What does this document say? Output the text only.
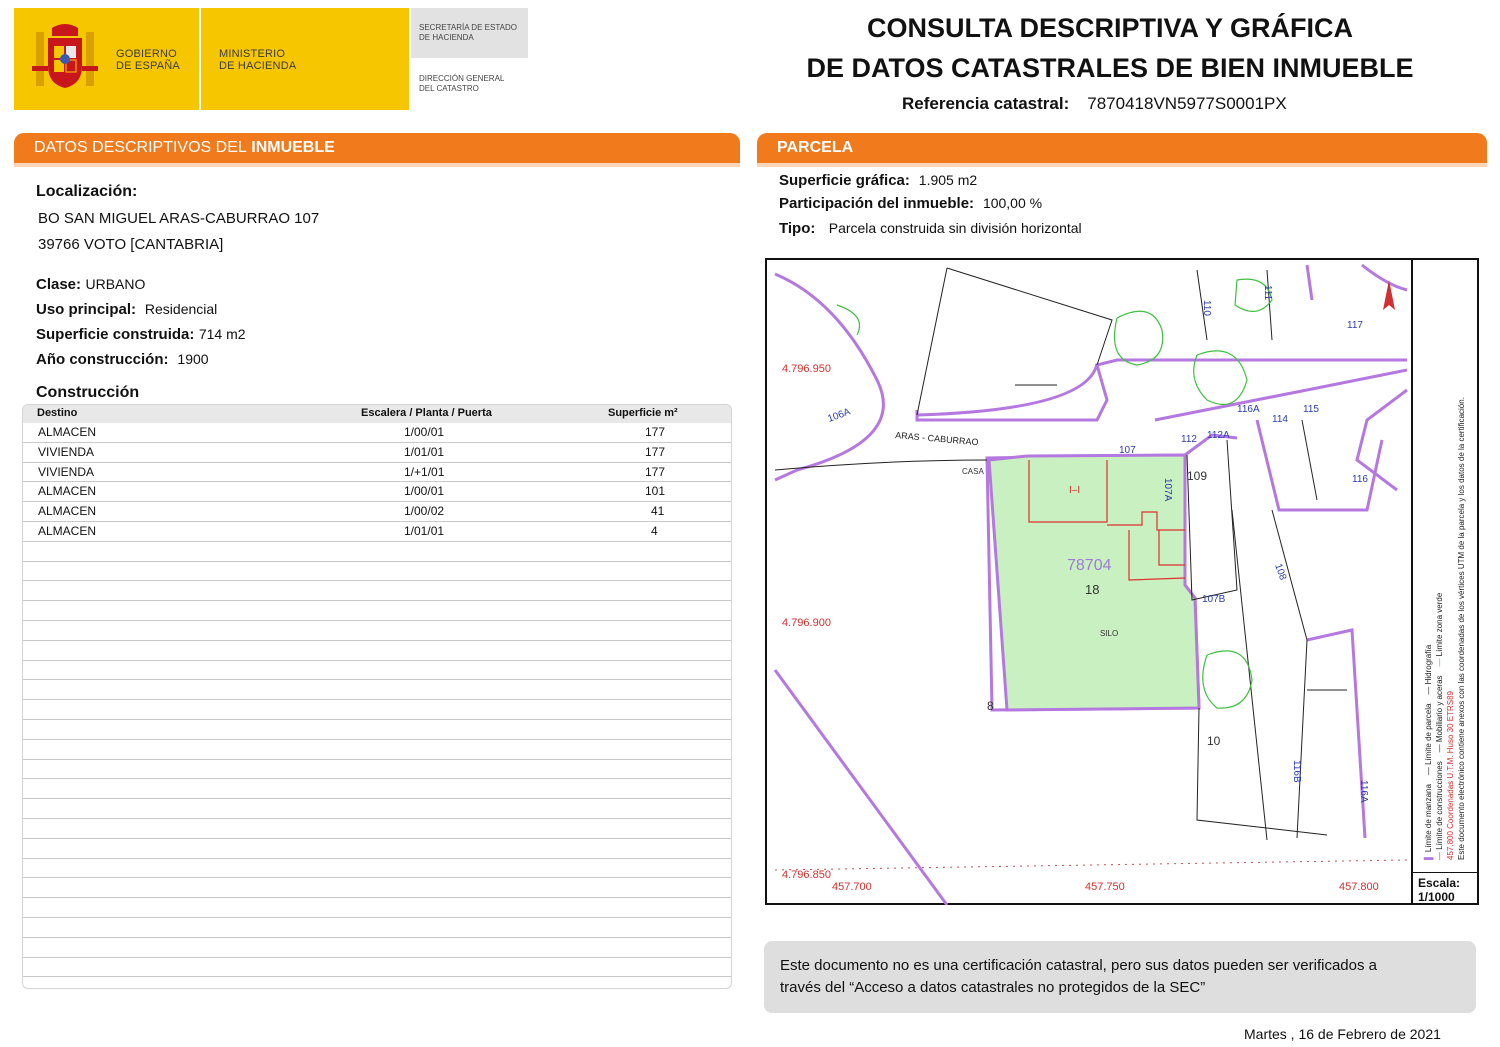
GOBIERNO
DE ESPAÑA
MINISTERIO
DE HACIENDA
SECRETARÍA DE ESTADO
DE HACIENDA
DIRECCIÓN GENERAL
DEL CATASTRO
CONSULTA DESCRIPTIVA Y GRÁFICA
DE DATOS CATASTRALES DE BIEN INMUEBLE
Referencia catastral: 7870418VN5977S0001PX
DATOS DESCRIPTIVOS DEL INMUEBLE
Localización:
BO SAN MIGUEL ARAS-CABURRAO 107
39766 VOTO [CANTABRIA]
Clase: URBANO
Uso principal: Residencial
Superficie construida: 714 m2
Año construcción: 1900
Construcción
Destino	Escalera / Planta / Puerta	Superficie m²
ALMACEN	1/00/01	177
VIVIENDA	1/01/01	177
VIVIENDA	1/+1/01	177
ALMACEN	1/00/01	101
ALMACEN	1/00/02	41
ALMACEN	1/01/01	4
PARCELA
Superficie gráfica: 1.905 m2
Participación del inmueble: 100,00 %
Tipo: Parcela construida sin división horizontal
4.796.950
4.796.900
4.796.850
457.700	457.750	457.800
ARAS - CABURRAO
106A
107
107A
109
110
111
117
116A	115
114
112 112A
116
107B
108
10
8
18
116B
116A
78704
CASA
SILO
I–I
▌ Límite de manzana    — Límite de parcela    — Hidrografía
— Límite de construcciones    — Mobiliario y aceras    — Límite zona verde
457,800 Coordenadas U.T.M. Huso 30 ETRS89 Este documento electrónico contiene anexos con las coordenadas de los vértices UTM de la parcela y los datos de la certificación.
Escala:
1/1000
Este documento no es una certificación catastral, pero sus datos pueden ser verificados a
través del “Acceso a datos catastrales no protegidos de la SEC”
Martes , 16 de Febrero de 2021
